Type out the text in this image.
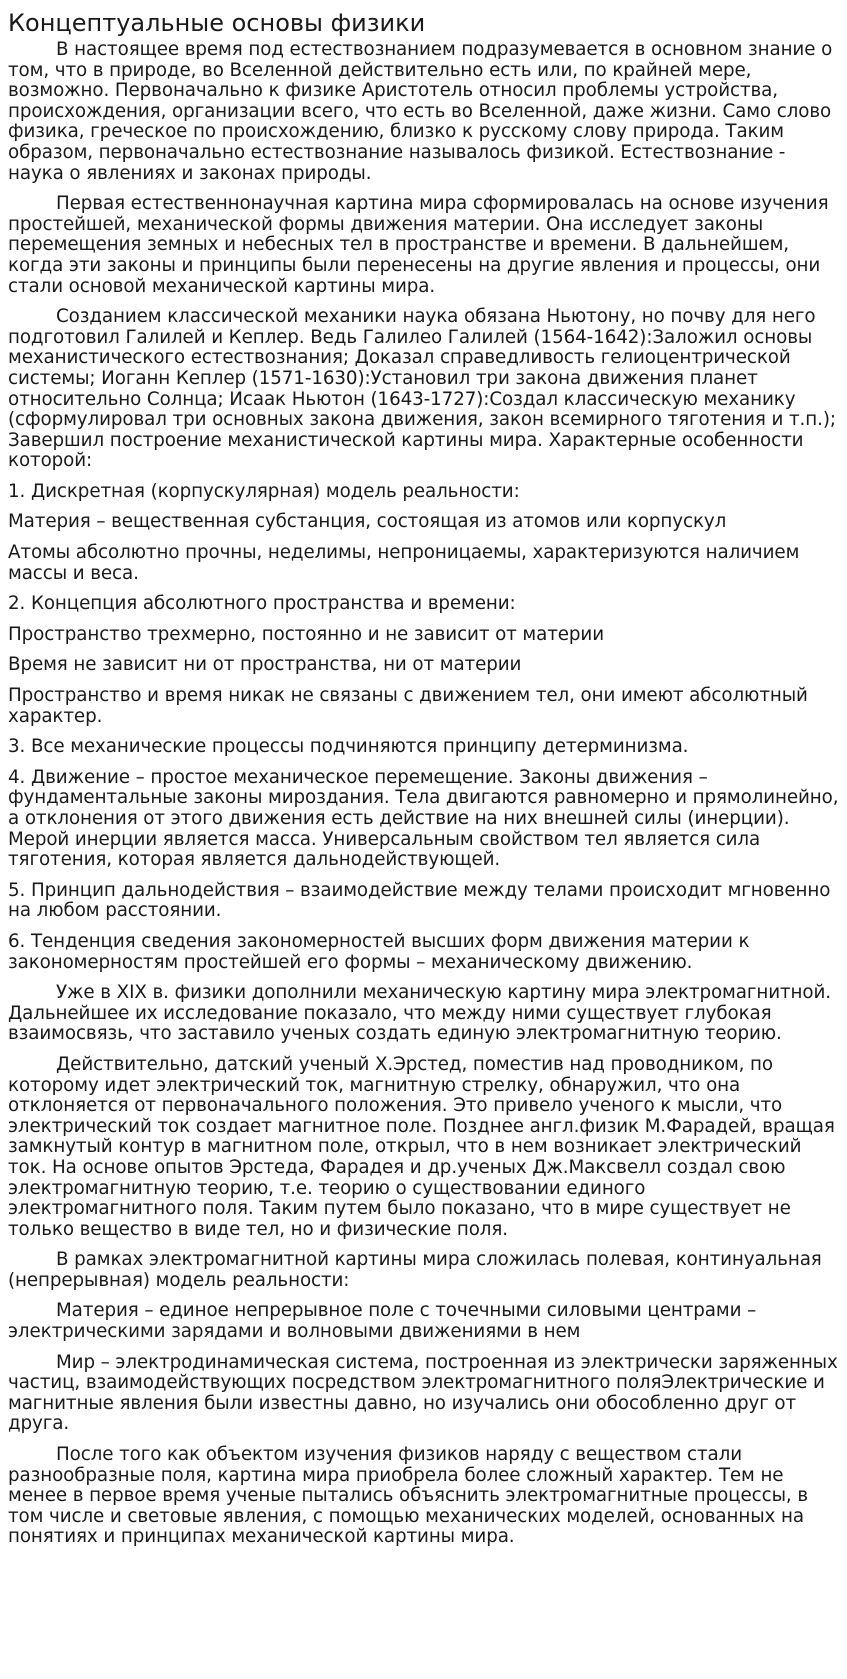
Концептуальные основы физики

В настоящее время под естествознанием подразумевается в основном знание о том, что в природе, во Вселенной действительно есть или, по крайней мере, возможно. Первоначально к физике Аристотель относил проблемы устройства, происхождения, организации всего, что есть во Вселенной, даже жизни. Само слово физика, греческое по происхождению, близко к русскому слову природа. Таким образом, первоначально естествознание называлось физикой. Естествознание - наука о явлениях и законах природы.

Первая естественнонаучная картина мира сформировалась на основе изучения простейшей, механической формы движения материи. Она исследует законы перемещения земных и небесных тел в пространстве и времени. В дальнейшем, когда эти законы и принципы были перенесены на другие явления и процессы, они стали основой механической картины мира.

Созданием классической механики наука обязана Ньютону, но почву для него подготовил Галилей и Кеплер. Ведь Галилео Галилей (1564-1642):Заложил основы механистического естествознания; Доказал справедливость гелиоцентрической системы; Иоганн Кеплер (1571-1630):Установил три закона движения планет относительно Солнца; Исаак Ньютон (1643-1727):Создал классическую механику (сформулировал три основных закона движения, закон всемирного тяготения и т.п.); Завершил построение механистической картины мира. Характерные особенности которой:

1. Дискретная (корпускулярная) модель реальности:

Материя – вещественная субстанция, состоящая из атомов или корпускул

Атомы абсолютно прочны, неделимы, непроницаемы, характеризуются наличием массы и веса.

2. Концепция абсолютного пространства и времени:

Пространство трехмерно, постоянно и не зависит от материи

Время не зависит ни от пространства, ни от материи

Пространство и время никак не связаны с движением тел, они имеют абсолютный характер.

3. Все механические процессы подчиняются принципу детерминизма.

4. Движение – простое механическое перемещение. Законы движения – фундаментальные законы мироздания. Тела двигаются равномерно и прямолинейно, а отклонения от этого движения есть действие на них внешней силы (инерции). Мерой инерции является масса. Универсальным свойством тел является сила тяготения, которая является дальнодействующей.

5. Принцип дальнодействия – взаимодействие между телами происходит мгновенно на любом расстоянии.

6. Тенденция сведения закономерностей высших форм движения материи к закономерностям простейшей его формы – механическому движению.

Уже в XIX в. физики дополнили механическую картину мира электромагнитной. Дальнейшее их исследование показало, что между ними существует глубокая взаимосвязь, что заставило ученых создать единую электромагнитную теорию.

Действительно, датский ученый Х.Эрстед, поместив над проводником, по которому идет электрический ток, магнитную стрелку, обнаружил, что она отклоняется от первоначального положения. Это привело ученого к мысли, что электрический ток создает магнитное поле. Позднее англ.физик М.Фарадей, вращая замкнутый контур в магнитном поле, открыл, что в нем возникает электрический ток. На основе опытов Эрстеда, Фарадея и др.ученых Дж.Максвелл создал свою электромагнитную теорию, т.е. теорию о существовании единого электромагнитного поля. Таким путем было показано, что в мире существует не только вещество в виде тел, но и физические поля.

В рамках электромагнитной картины мира сложилась полевая, континуальная (непрерывная) модель реальности:

Материя – единое непрерывное поле с точечными силовыми центрами – электрическими зарядами и волновыми движениями в нем

Мир – электродинамическая система, построенная из электрически заряженных частиц, взаимодействующих посредством электромагнитного поляЭлектрические и магнитные явления были известны давно, но изучались они обособленно друг от друга.

После того как объектом изучения физиков наряду с веществом стали разнообразные поля, картина мира приобрела более сложный характер. Тем не менее в первое время ученые пытались объяснить электромагнитные процессы, в том числе и световые явления, с помощью механических моделей, основанных на понятиях и принципах механической картины мира.
